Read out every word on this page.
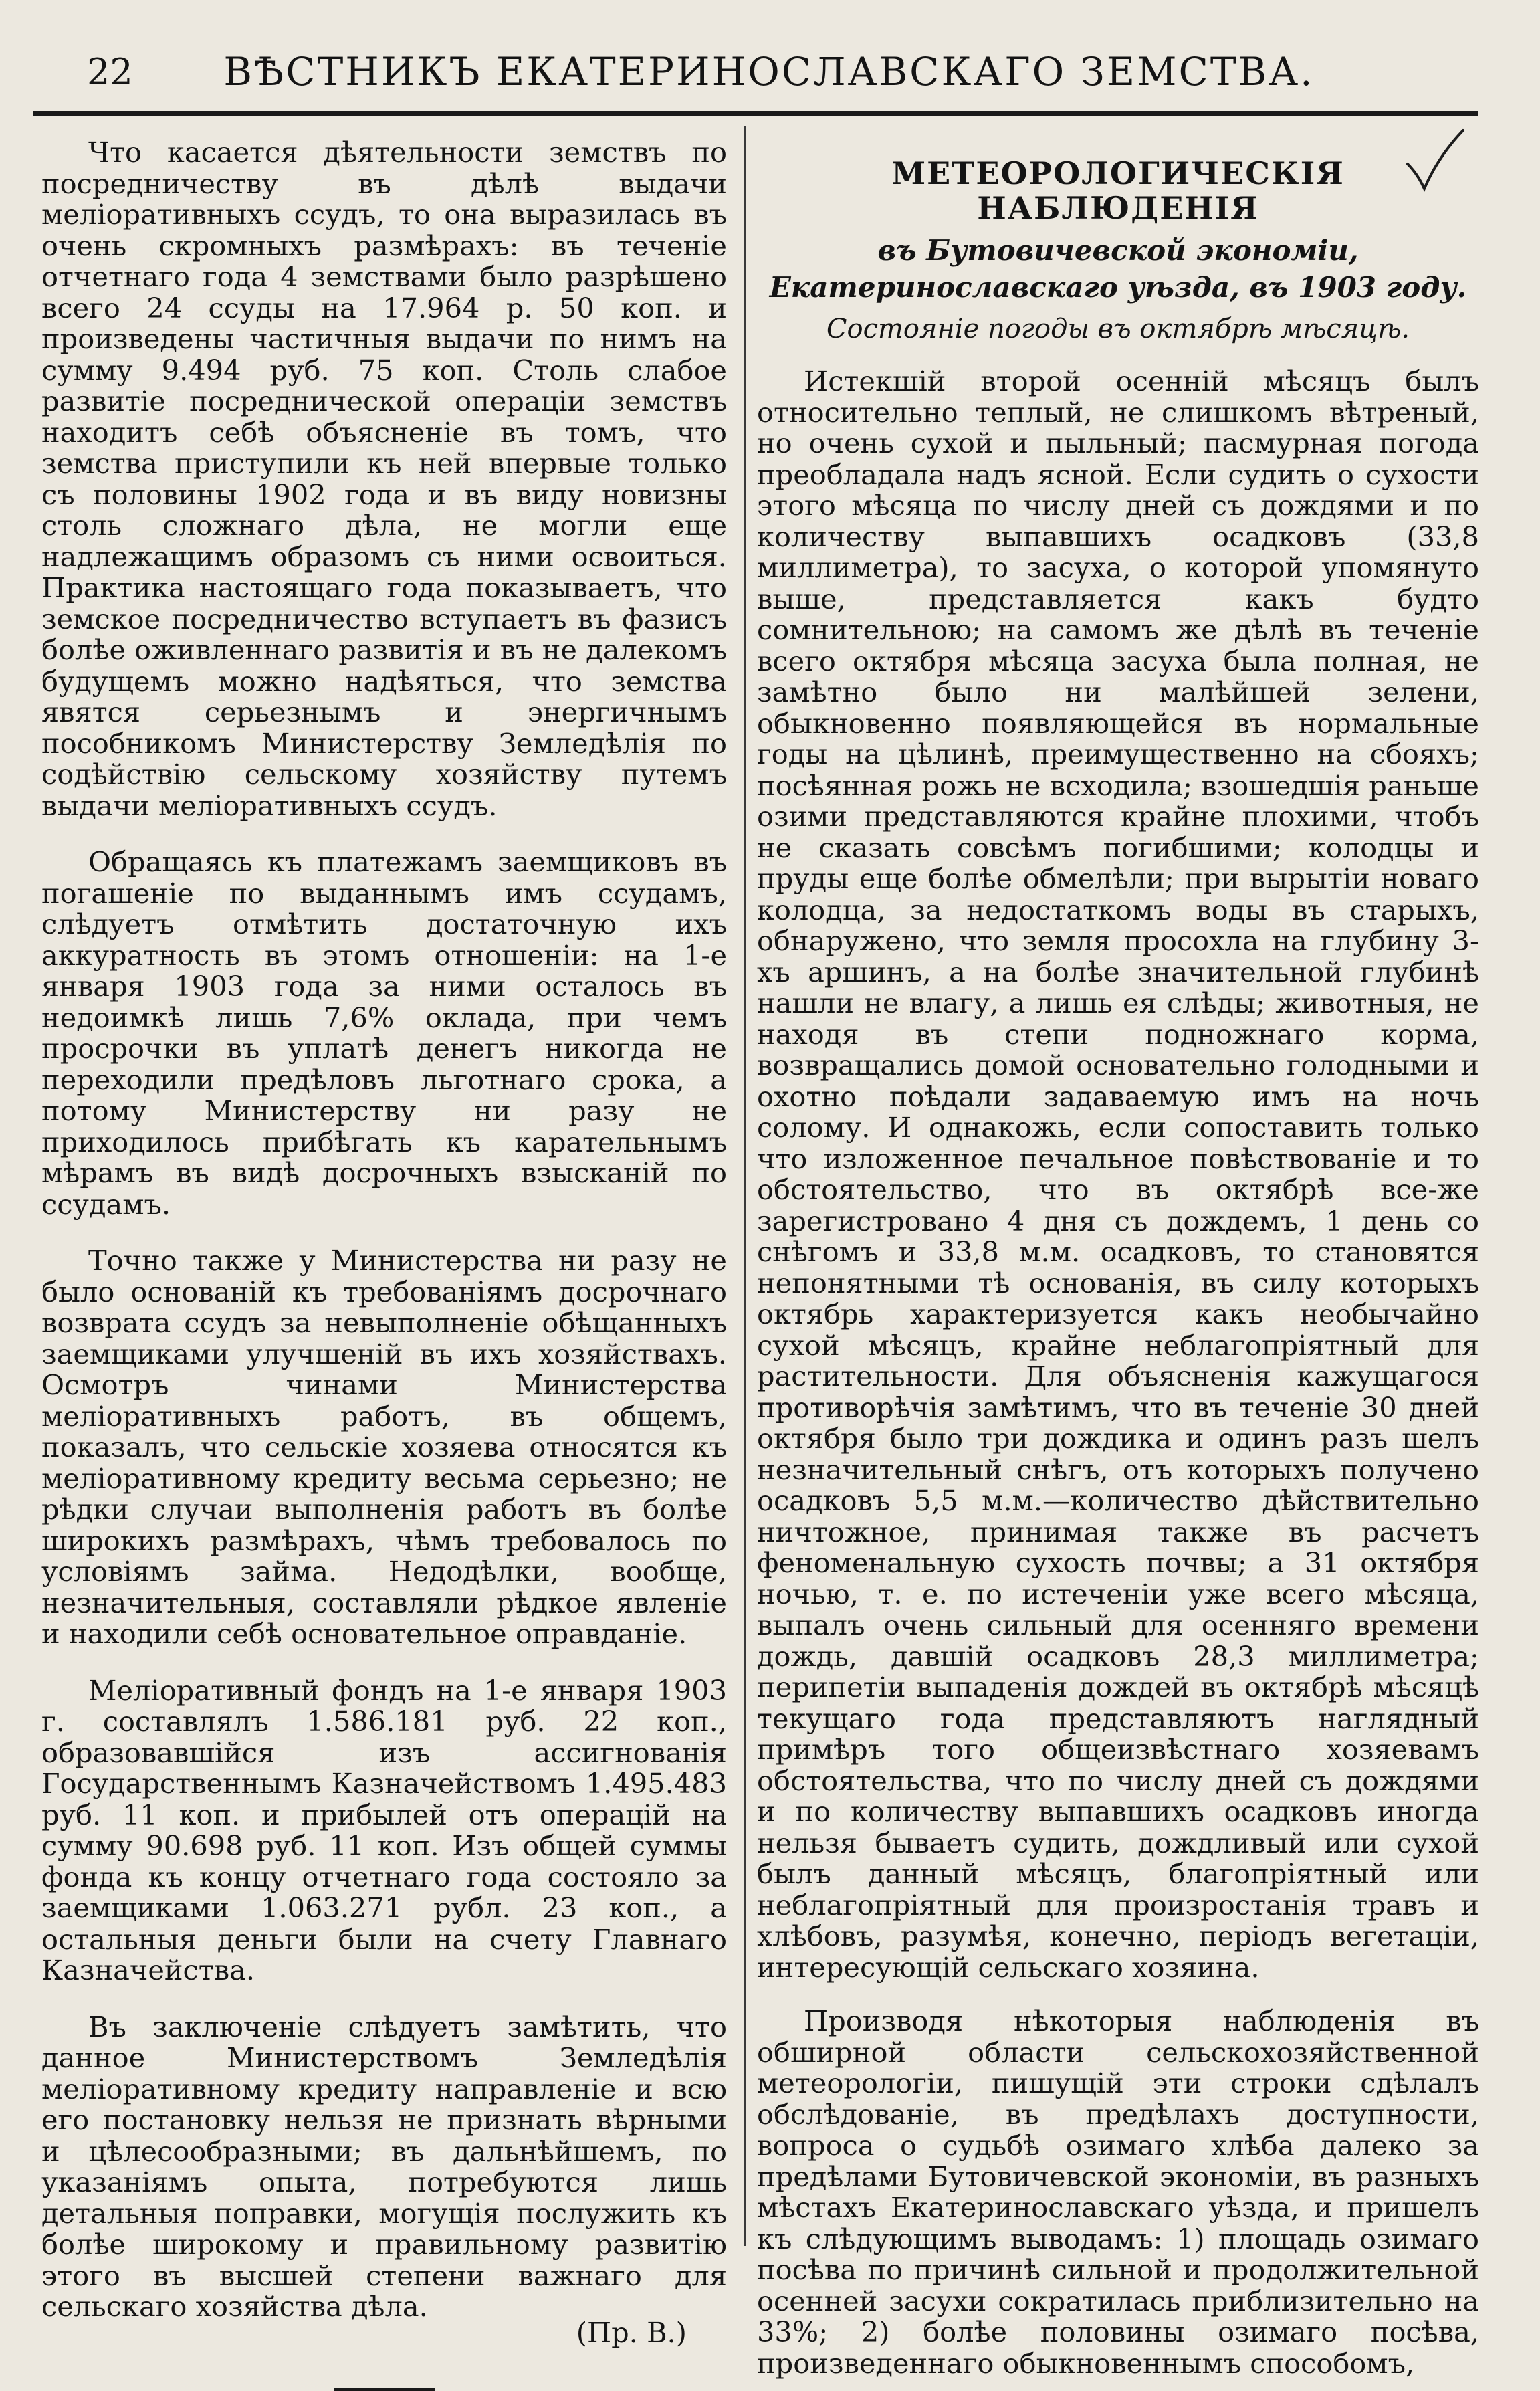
22	ВѢСТНИКЪ ЕКАТЕРИНОСЛАВСКАГО ЗЕМСТВА.

Что касается дѣятельности земствъ по посредничеству въ дѣлѣ выдачи меліоративныхъ ссудъ, то она выразилась въ очень скромныхъ размѣрахъ: въ теченіе отчетнаго года 4 земствами было разрѣшено всего 24 ссуды на 17.964 р. 50 коп. и произведены частичныя выдачи по нимъ на сумму 9.494 руб. 75 коп. Столь слабое развитіе посреднической операціи земствъ находитъ себѣ объясненіе въ томъ, что земства приступили къ ней впервые только съ половины 1902 года и въ виду новизны столь сложнаго дѣла, не могли еще надлежащимъ образомъ съ ними освоиться. Практика настоящаго года показываетъ, что земское посредничество вступаетъ въ фазисъ болѣе оживленнаго развитія и въ не далекомъ будущемъ можно надѣяться, что земства явятся серьезнымъ и энергичнымъ пособникомъ Министерству Земледѣлія по содѣйствію сельскому хозяйству путемъ выдачи меліоративныхъ ссудъ.

Обращаясь къ платежамъ заемщиковъ въ погашеніе по выданнымъ имъ ссудамъ, слѣдуетъ отмѣтить достаточную ихъ аккуратность въ этомъ отношеніи: на 1-е января 1903 года за ними осталось въ недоимкѣ лишь 7,6% оклада, при чемъ просрочки въ уплатѣ денегъ никогда не переходили предѣловъ льготнаго срока, а потому Министерству ни разу не приходилось прибѣгать къ карательнымъ мѣрамъ въ видѣ досрочныхъ взысканій по ссудамъ.

Точно также у Министерства ни разу не было основаній къ требованіямъ досрочнаго возврата ссудъ за невыполненіе обѣщанныхъ заемщиками улучшеній въ ихъ хозяйствахъ. Осмотръ чинами Министерства меліоративныхъ работъ, въ общемъ, показалъ, что сельскіе хозяева относятся къ меліоративному кредиту весьма серьезно; не рѣдки случаи выполненія работъ въ болѣе широкихъ размѣрахъ, чѣмъ требовалось по условіямъ займа. Недодѣлки, вообще, незначительныя, составляли рѣдкое явленіе и находили себѣ основательное оправданіе.

Меліоративный фондъ на 1-е января 1903 г. составлялъ 1.586.181 руб. 22 коп., образовавшійся изъ ассигнованія Государственнымъ Казначействомъ 1.495.483 руб. 11 коп. и прибылей отъ операцій на сумму 90.698 руб. 11 коп. Изъ общей суммы фонда къ концу отчетнаго года состояло за заемщиками 1.063.271 рубл. 23 коп., а остальныя деньги были на счету Главнаго Казначейства.

Въ заключеніе слѣдуетъ замѣтить, что данное Министерствомъ Земледѣлія меліоративному кредиту направленіе и всю его постановку нельзя не признать вѣрными и цѣлесообразными; въ дальнѣйшемъ, по указаніямъ опыта, потребуются лишь детальныя поправки, могущія послужить къ болѣе широкому и правильному развитію этого въ высшей степени важнаго для сельскаго хозяйства дѣла.

(Пр. В.)

МЕТЕОРОЛОГИЧЕСКІЯ НАБЛЮДЕНІЯ
въ Бутовичевской экономіи, Екатеринославскаго уѣзда, въ 1903 году.
Состояніе погоды въ октябрѣ мѣсяцѣ.

Истекшій второй осенній мѣсяцъ былъ относительно теплый, не слишкомъ вѣтреный, но очень сухой и пыльный; пасмурная погода преобладала надъ ясной. Если судить о сухости этого мѣсяца по числу дней съ дождями и по количеству выпавшихъ осадковъ (33,8 миллиметра), то засуха, о которой упомянуто выше, представляется какъ будто сомнительною; на самомъ же дѣлѣ въ теченіе всего октября мѣсяца засуха была полная, не замѣтно было ни малѣйшей зелени, обыкновенно появляющейся въ нормальные годы на цѣлинѣ, преимущественно на сбояхъ; посѣянная рожь не всходила; взошедшія раньше озими представляются крайне плохими, чтобъ не сказать совсѣмъ погибшими; колодцы и пруды еще болѣе обмелѣли; при вырытіи новаго колодца, за недостаткомъ воды въ старыхъ, обнаружено, что земля просохла на глубину 3-хъ аршинъ, а на болѣе значительной глубинѣ нашли не влагу, а лишь ея слѣды; животныя, не находя въ степи подножнаго корма, возвращались домой основательно голодными и охотно поѣдали задаваемую имъ на ночь солому. И однакожь, если сопоставить только что изложенное печальное повѣствованіе и то обстоятельство, что въ октябрѣ все-же зарегистровано 4 дня съ дождемъ, 1 день со снѣгомъ и 33,8 м.м. осадковъ, то становятся непонятными тѣ основанія, въ силу которыхъ октябрь характеризуется какъ необычайно сухой мѣсяцъ, крайне неблагопріятный для растительности. Для объясненія кажущагося противорѣчія замѣтимъ, что въ теченіе 30 дней октября было три дождика и одинъ разъ шелъ незначительный снѣгъ, отъ которыхъ получено осадковъ 5,5 м.м.—количество дѣйствительно ничтожное, принимая также въ расчетъ феноменальную сухость почвы; а 31 октября ночью, т. е. по истеченіи уже всего мѣсяца, выпалъ очень сильный для осенняго времени дождь, давшій осадковъ 28,3 миллиметра; перипетіи выпаденія дождей въ октябрѣ мѣсяцѣ текущаго года представляютъ наглядный примѣръ того общеизвѣстнаго хозяевамъ обстоятельства, что по числу дней съ дождями и по количеству выпавшихъ осадковъ иногда нельзя бываетъ судить, дождливый или сухой былъ данный мѣсяцъ, благопріятный или неблагопріятный для произростанія травъ и хлѣбовъ, разумѣя, конечно, періодъ вегетаціи, интересующій сельскаго хозяина.

Производя нѣкоторыя наблюденія въ обширной области сельскохозяйственной метеорологіи, пишущій эти строки сдѣлалъ обслѣдованіе, въ предѣлахъ доступности, вопроса о судьбѣ озимаго хлѣба далеко за предѣлами Бутовичевской экономіи, въ разныхъ мѣстахъ Екатеринославскаго уѣзда, и пришелъ къ слѣдующимъ выводамъ: 1) площадь озимаго посѣва по причинѣ сильной и продолжительной осенней засухи сократилась приблизительно на 33%; 2) болѣе половины озимаго посѣва, произведеннаго обыкновеннымъ способомъ,
